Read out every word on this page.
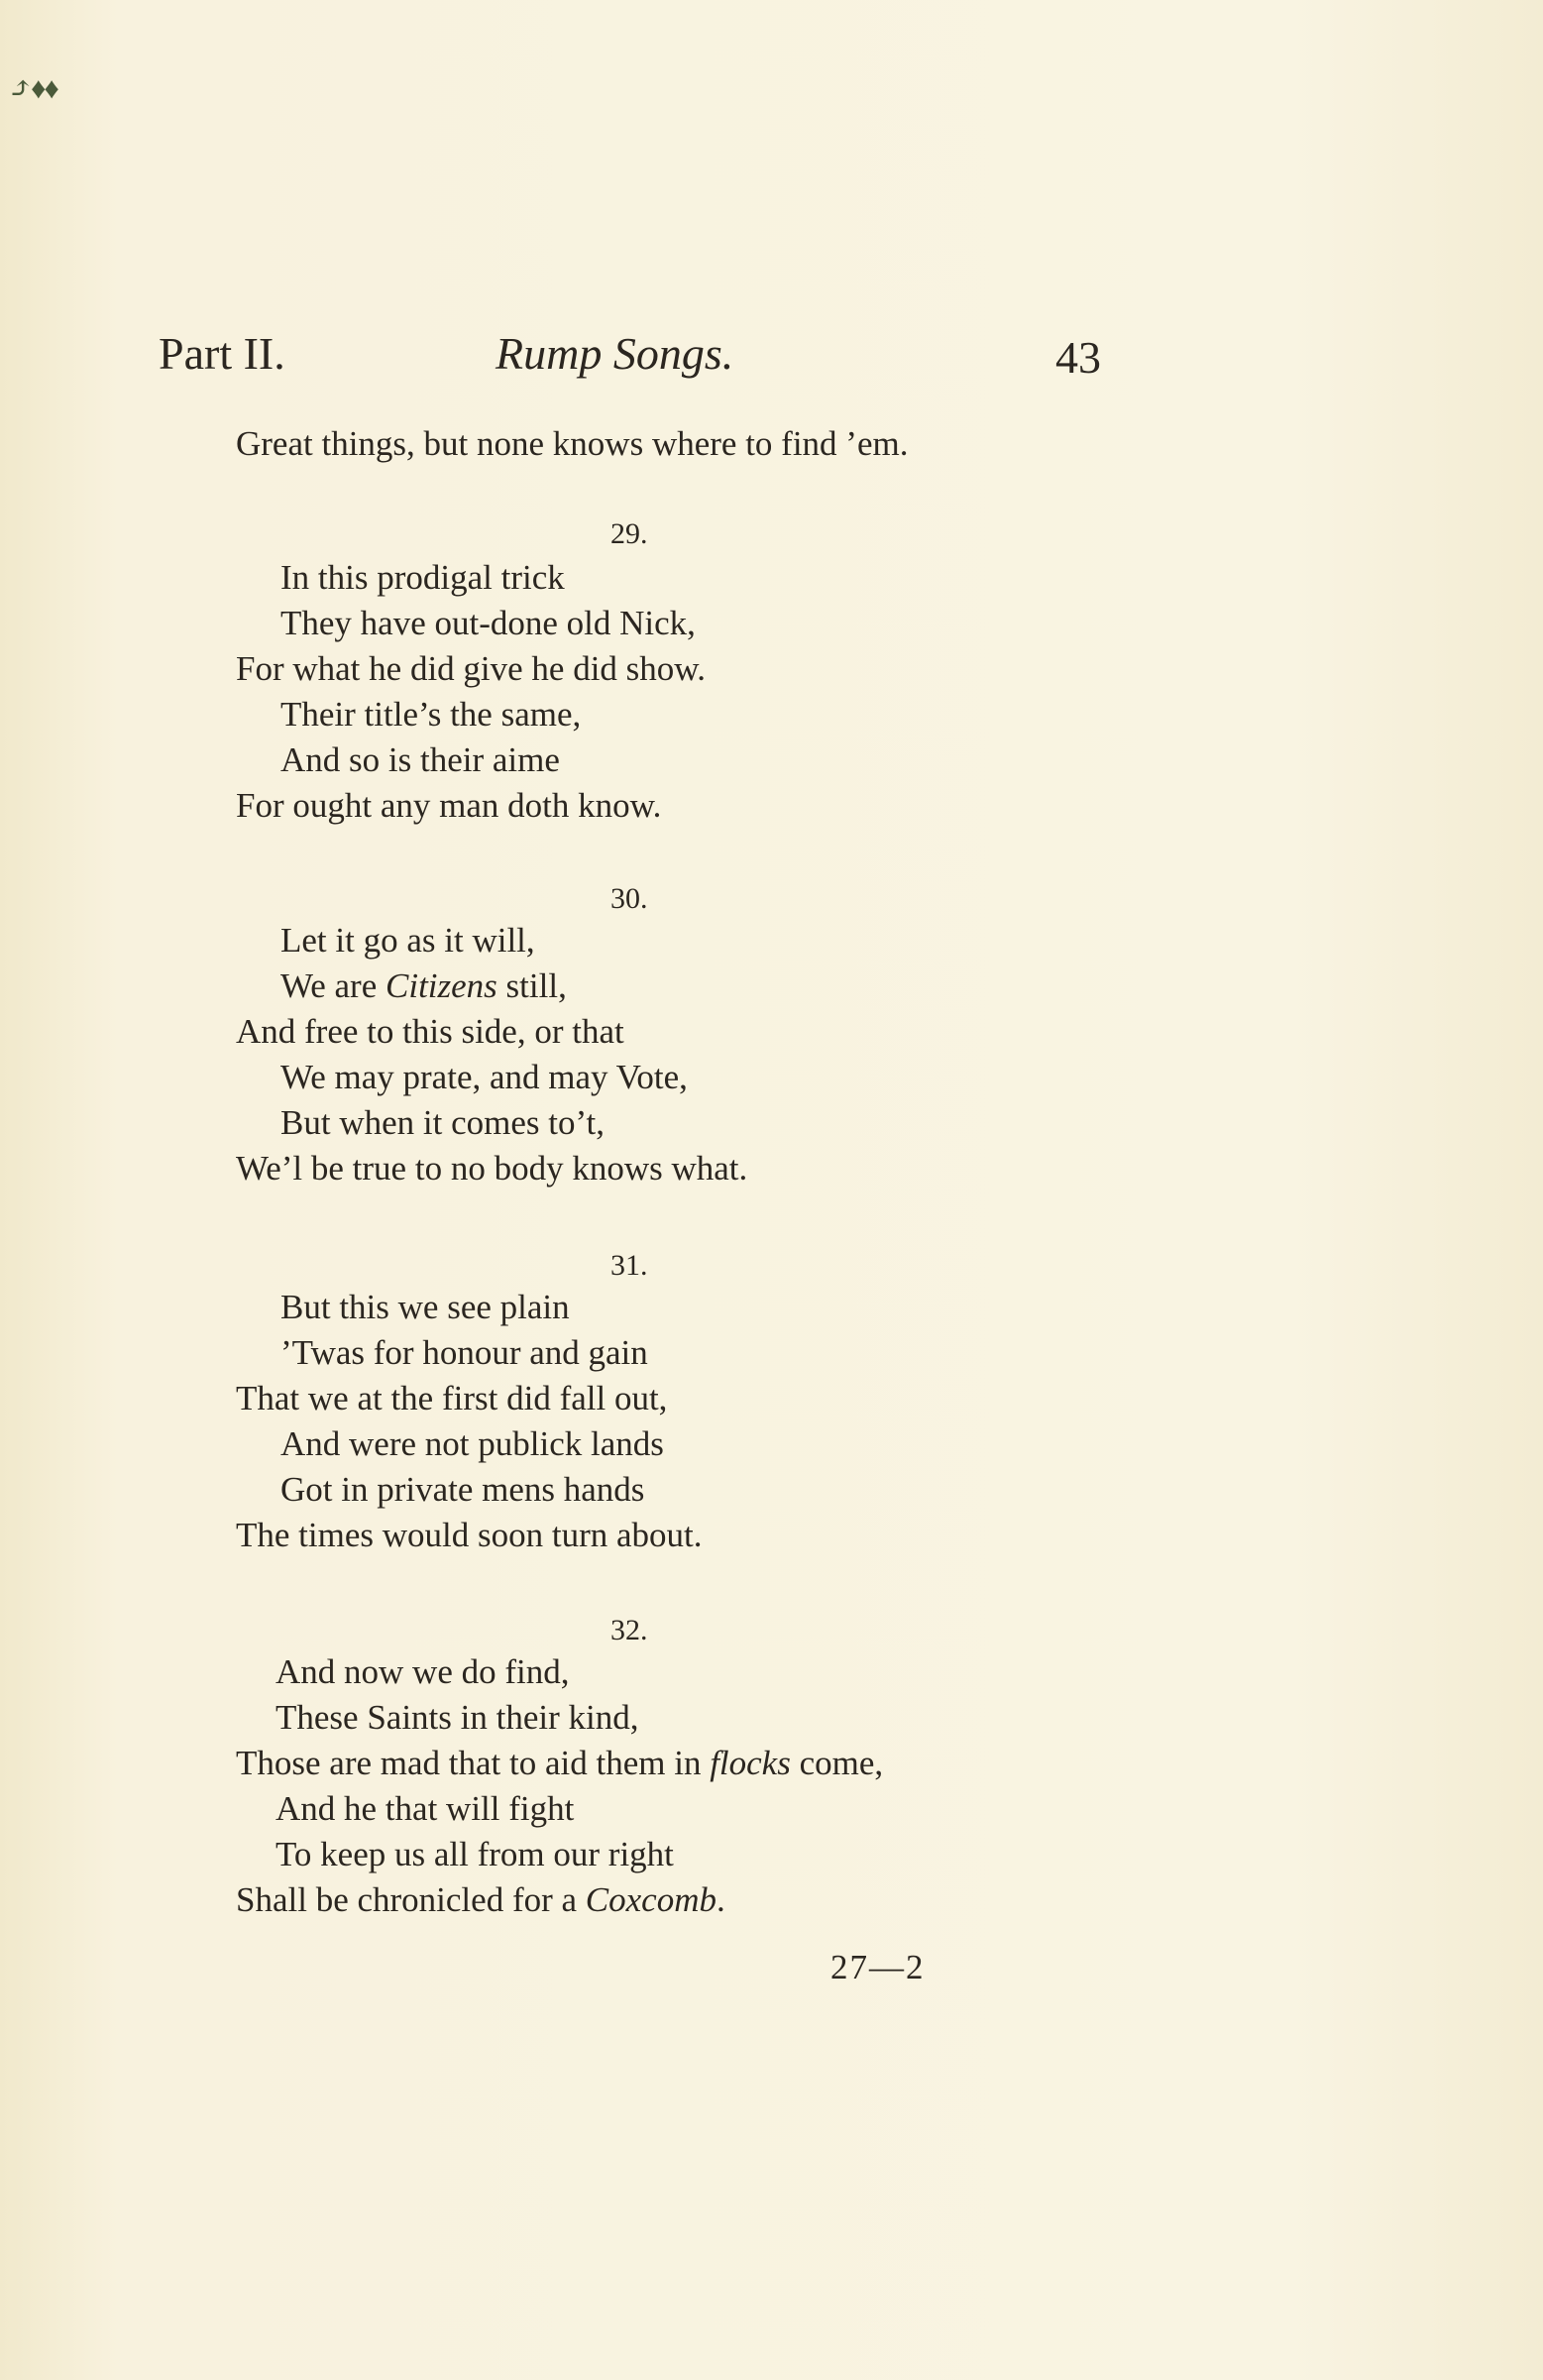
⤴♦♦
Part II.	Rump Songs.	43
Great things, but none knows where to find ’em.
29.
In this prodigal trick
They have out-done old Nick,
For what he did give he did show.
Their title’s the same,
And so is their aime
For ought any man doth know.
30.
Let it go as it will,
We are Citizens still,
And free to this side, or that
We may prate, and may Vote,
But when it comes to’t,
We’l be true to no body knows what.
31.
But this we see plain
’Twas for honour and gain
That we at the first did fall out,
And were not publick lands
Got in private mens hands
The times would soon turn about.
32.
And now we do find,
These Saints in their kind,
Those are mad that to aid them in flocks come,
And he that will fight
To keep us all from our right
Shall be chronicled for a Coxcomb.
27—2
